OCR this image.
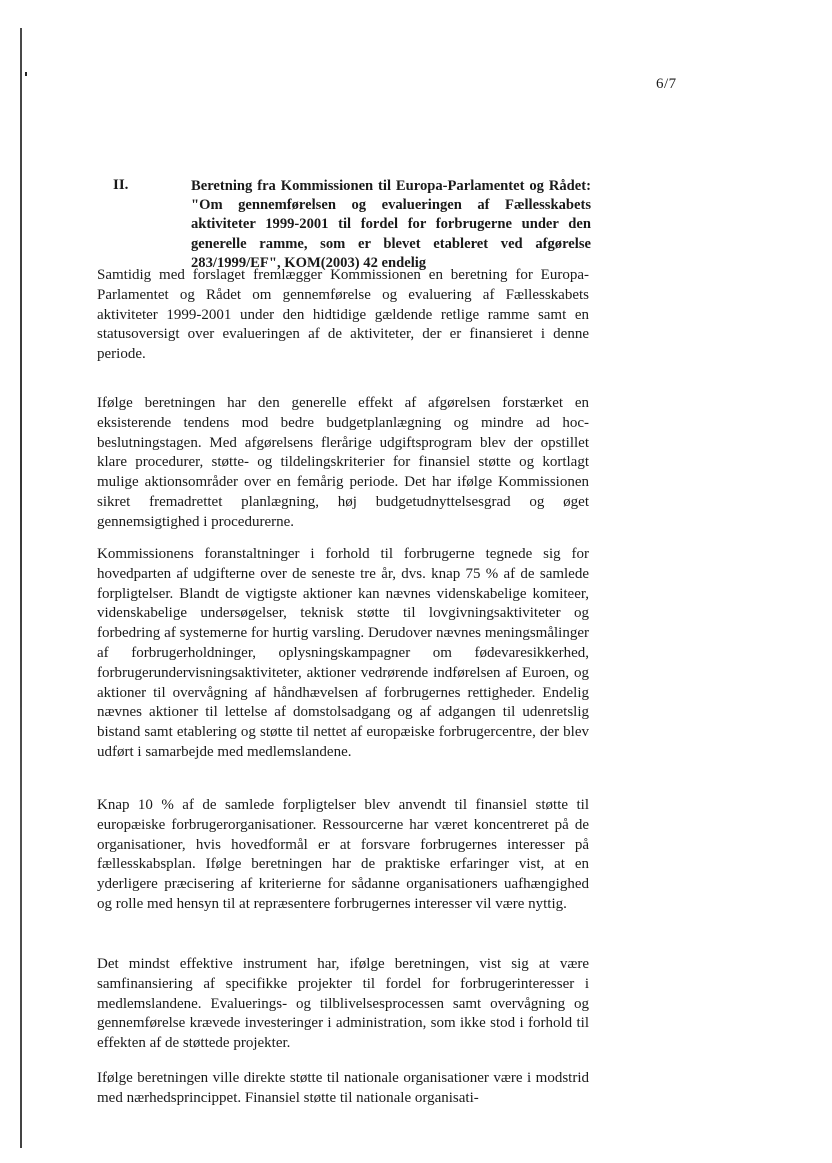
6/7
II.	Beretning fra Kommissionen til Europa-Parlamentet og Rådet: "Om gennemførelsen og evalueringen af Fællesskabets aktiviteter 1999-2001 til fordel for forbrugerne under den generelle ramme, som er blevet etableret ved afgørelse 283/1999/EF", KOM(2003) 42 endelig

Samtidig med forslaget fremlægger Kommissionen en beretning for Europa-Parlamentet og Rådet om gennemførelse og evaluering af Fællesskabets aktiviteter 1999-2001 under den hidtidige gældende retlige ramme samt en statusoversigt over evalueringen af de aktiviteter, der er finansieret i denne periode.

Ifølge beretningen har den generelle effekt af afgørelsen forstærket en eksisterende tendens mod bedre budgetplanlægning og mindre ad hoc-beslutningstagen. Med afgørelsens flerårige udgiftsprogram blev der opstillet klare procedurer, støtte- og tildelingskriterier for finansiel støtte og kortlagt mulige aktionsområder over en femårig periode. Det har ifølge Kommissionen sikret fremadrettet planlægning, høj budgetudnyttelsesgrad og øget gennemsigtighed i procedurerne.

Kommissionens foranstaltninger i forhold til forbrugerne tegnede sig for hovedparten af udgifterne over de seneste tre år, dvs. knap 75 % af de samlede forpligtelser. Blandt de vigtigste aktioner kan nævnes videnskabelige komiteer, videnskabelige undersøgelser, teknisk støtte til lovgivningsaktiviteter og forbedring af systemerne for hurtig varsling. Derudover nævnes meningsmålinger af forbrugerholdninger, oplysningskampagner om fødevaresikkerhed, forbrugerundervisningsaktiviteter, aktioner vedrørende indførelsen af Euroen, og aktioner til overvågning af håndhævelsen af forbrugernes rettigheder. Endelig nævnes aktioner til lettelse af domstolsadgang og af adgangen til udenretslig bistand samt etablering og støtte til nettet af europæiske forbrugercentre, der blev udført i samarbejde med medlemslandene.

Knap 10 % af de samlede forpligtelser blev anvendt til finansiel støtte til europæiske forbrugerorganisationer. Ressourcerne har været koncentreret på de organisationer, hvis hovedformål er at forsvare forbrugernes interesser på fællesskabsplan. Ifølge beretningen har de praktiske erfaringer vist, at en yderligere præcisering af kriterierne for sådanne organisationers uafhængighed og rolle med hensyn til at repræsentere forbrugernes interesser vil være nyttig.

Det mindst effektive instrument har, ifølge beretningen, vist sig at være samfinansiering af specifikke projekter til fordel for forbrugerinteresser i medlemslandene. Evaluerings- og tilblivelsesprocessen samt overvågning og gennemførelse krævede investeringer i administration, som ikke stod i forhold til effekten af de støttede projekter.

Ifølge beretningen ville direkte støtte til nationale organisationer være i modstrid med nærhedsprincippet. Finansiel støtte til nationale organisati-
